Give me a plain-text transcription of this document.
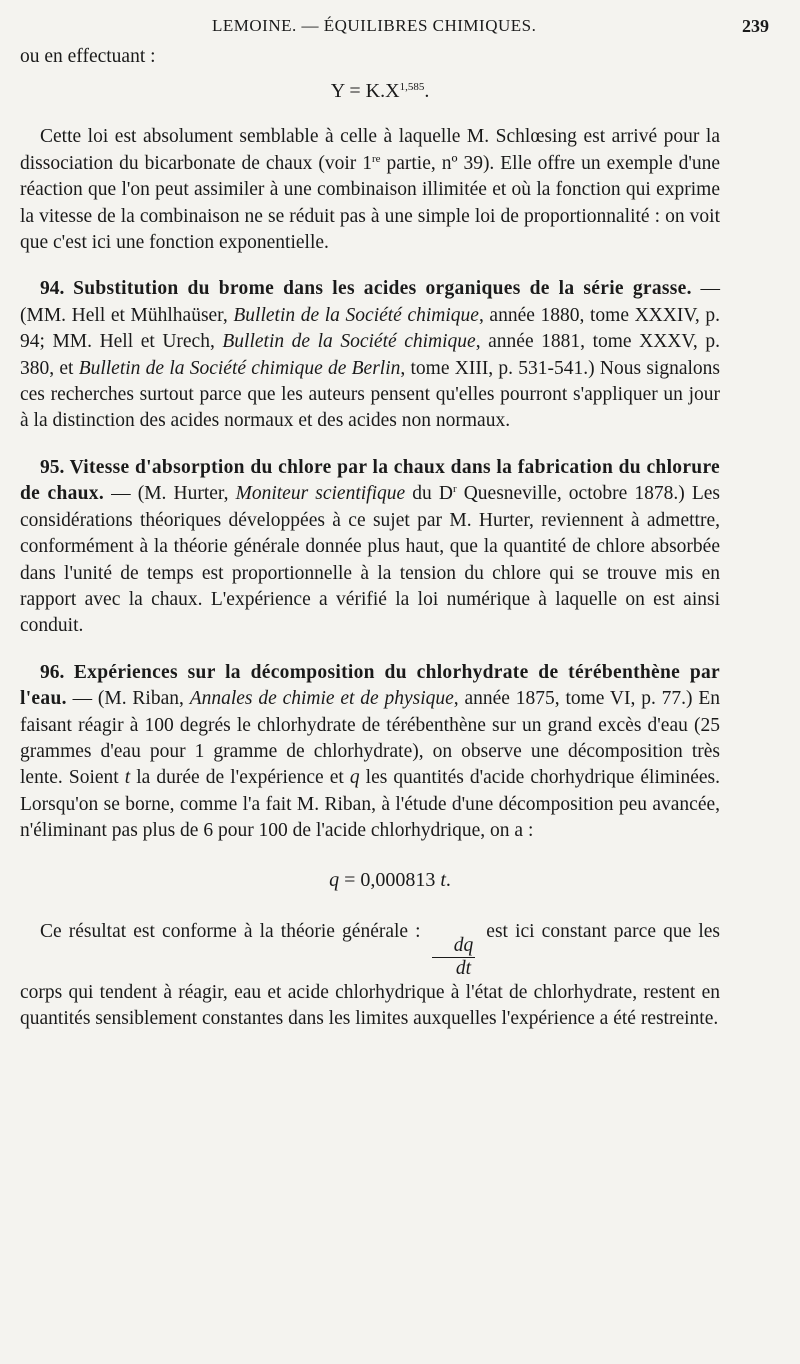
LEMOINE. — ÉQUILIBRES CHIMIQUES.	239

ou en effectuant :

$\Upsilon = K.X^{1,585}$.

Cette loi est absolument semblable à celle à laquelle M. Schlœsing est arrivé pour la dissociation du bicarbonate de chaux (voir 1re partie, nº 39). Elle offre un exemple d'une réaction que l'on peut assimiler à une combinaison illimitée et où la fonction qui exprime la vitesse de la combinaison ne se réduit pas à une simple loi de proportionnalité : on voit que c'est ici une fonction exponentielle.

94. Substitution du brome dans les acides organiques de la série grasse. — (MM. Hell et Mühlhaüser, Bulletin de la Société chimique, année 1880, tome XXXIV, p. 94; MM. Hell et Urech, Bulletin de la Société chimique, année 1881, tome XXXV, p. 380, et Bulletin de la Société chimique de Berlin, tome XIII, p. 531-541.) Nous signalons ces recherches surtout parce que les auteurs pensent qu'elles pourront s'appliquer un jour à la distinction des acides normaux et des acides non normaux.

95. Vitesse d'absorption du chlore par la chaux dans la fabrication du chlorure de chaux. — (M. Hurter, Moniteur scientifique du $D^r$ Quesneville, octobre 1878.) Les considérations théoriques développées à ce sujet par M. Hurter, reviennent à admettre, conformément à la théorie générale donnée plus haut, que la quantité de chlore absorbée dans l'unité de temps est proportionnelle à la tension du chlore qui se trouve mis en rapport avec la chaux. L'expérience a vérifié la loi numérique à laquelle on est ainsi conduit.

96. Expériences sur la décomposition du chlorhydrate de térébenthène par l'eau. — (M. Riban, Annales de chimie et de physique, année 1875, tome VI, p. 77.) En faisant réagir à 100 degrés le chlorhydrate de térébenthène sur un grand excès d'eau (25 grammes d'eau pour 1 gramme de chlorhydrate), on observe une décomposition très lente. Soient t la durée de l'expérience et q les quantités d'acide chorhydrique éliminées. Lorsqu'on se borne, comme l'a fait M. Riban, à l'étude d'une décomposition peu avancée, n'éliminant pas plus de 6 pour 100 de l'acide chlorhydrique, on a :

q = 0,000813 t.

Ce résultat est conforme à la théorie générale :
$\frac{dq}{dt}$
est ici constant parce que les corps qui tendent à réagir, eau et acide chlorhydrique à l'état de chlorhydrate, restent en quantités sensiblement constantes dans les limites auxquelles l'expérience a été restreinte.
